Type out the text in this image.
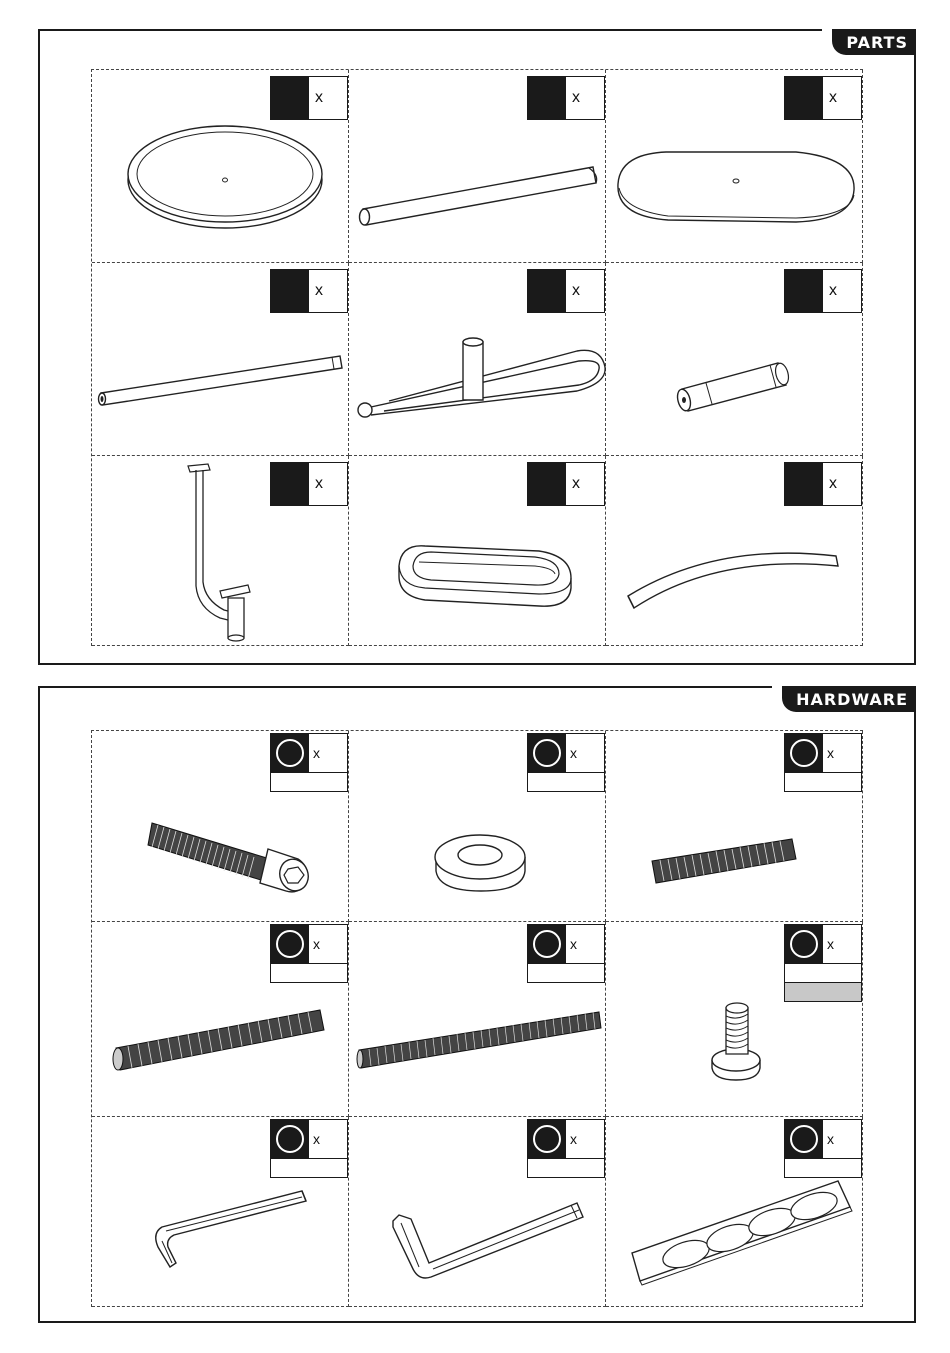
PARTS
x	x	x
x	x	x
x	x	x
HARDWARE
x	x	x
x	x	x
x	x	x
